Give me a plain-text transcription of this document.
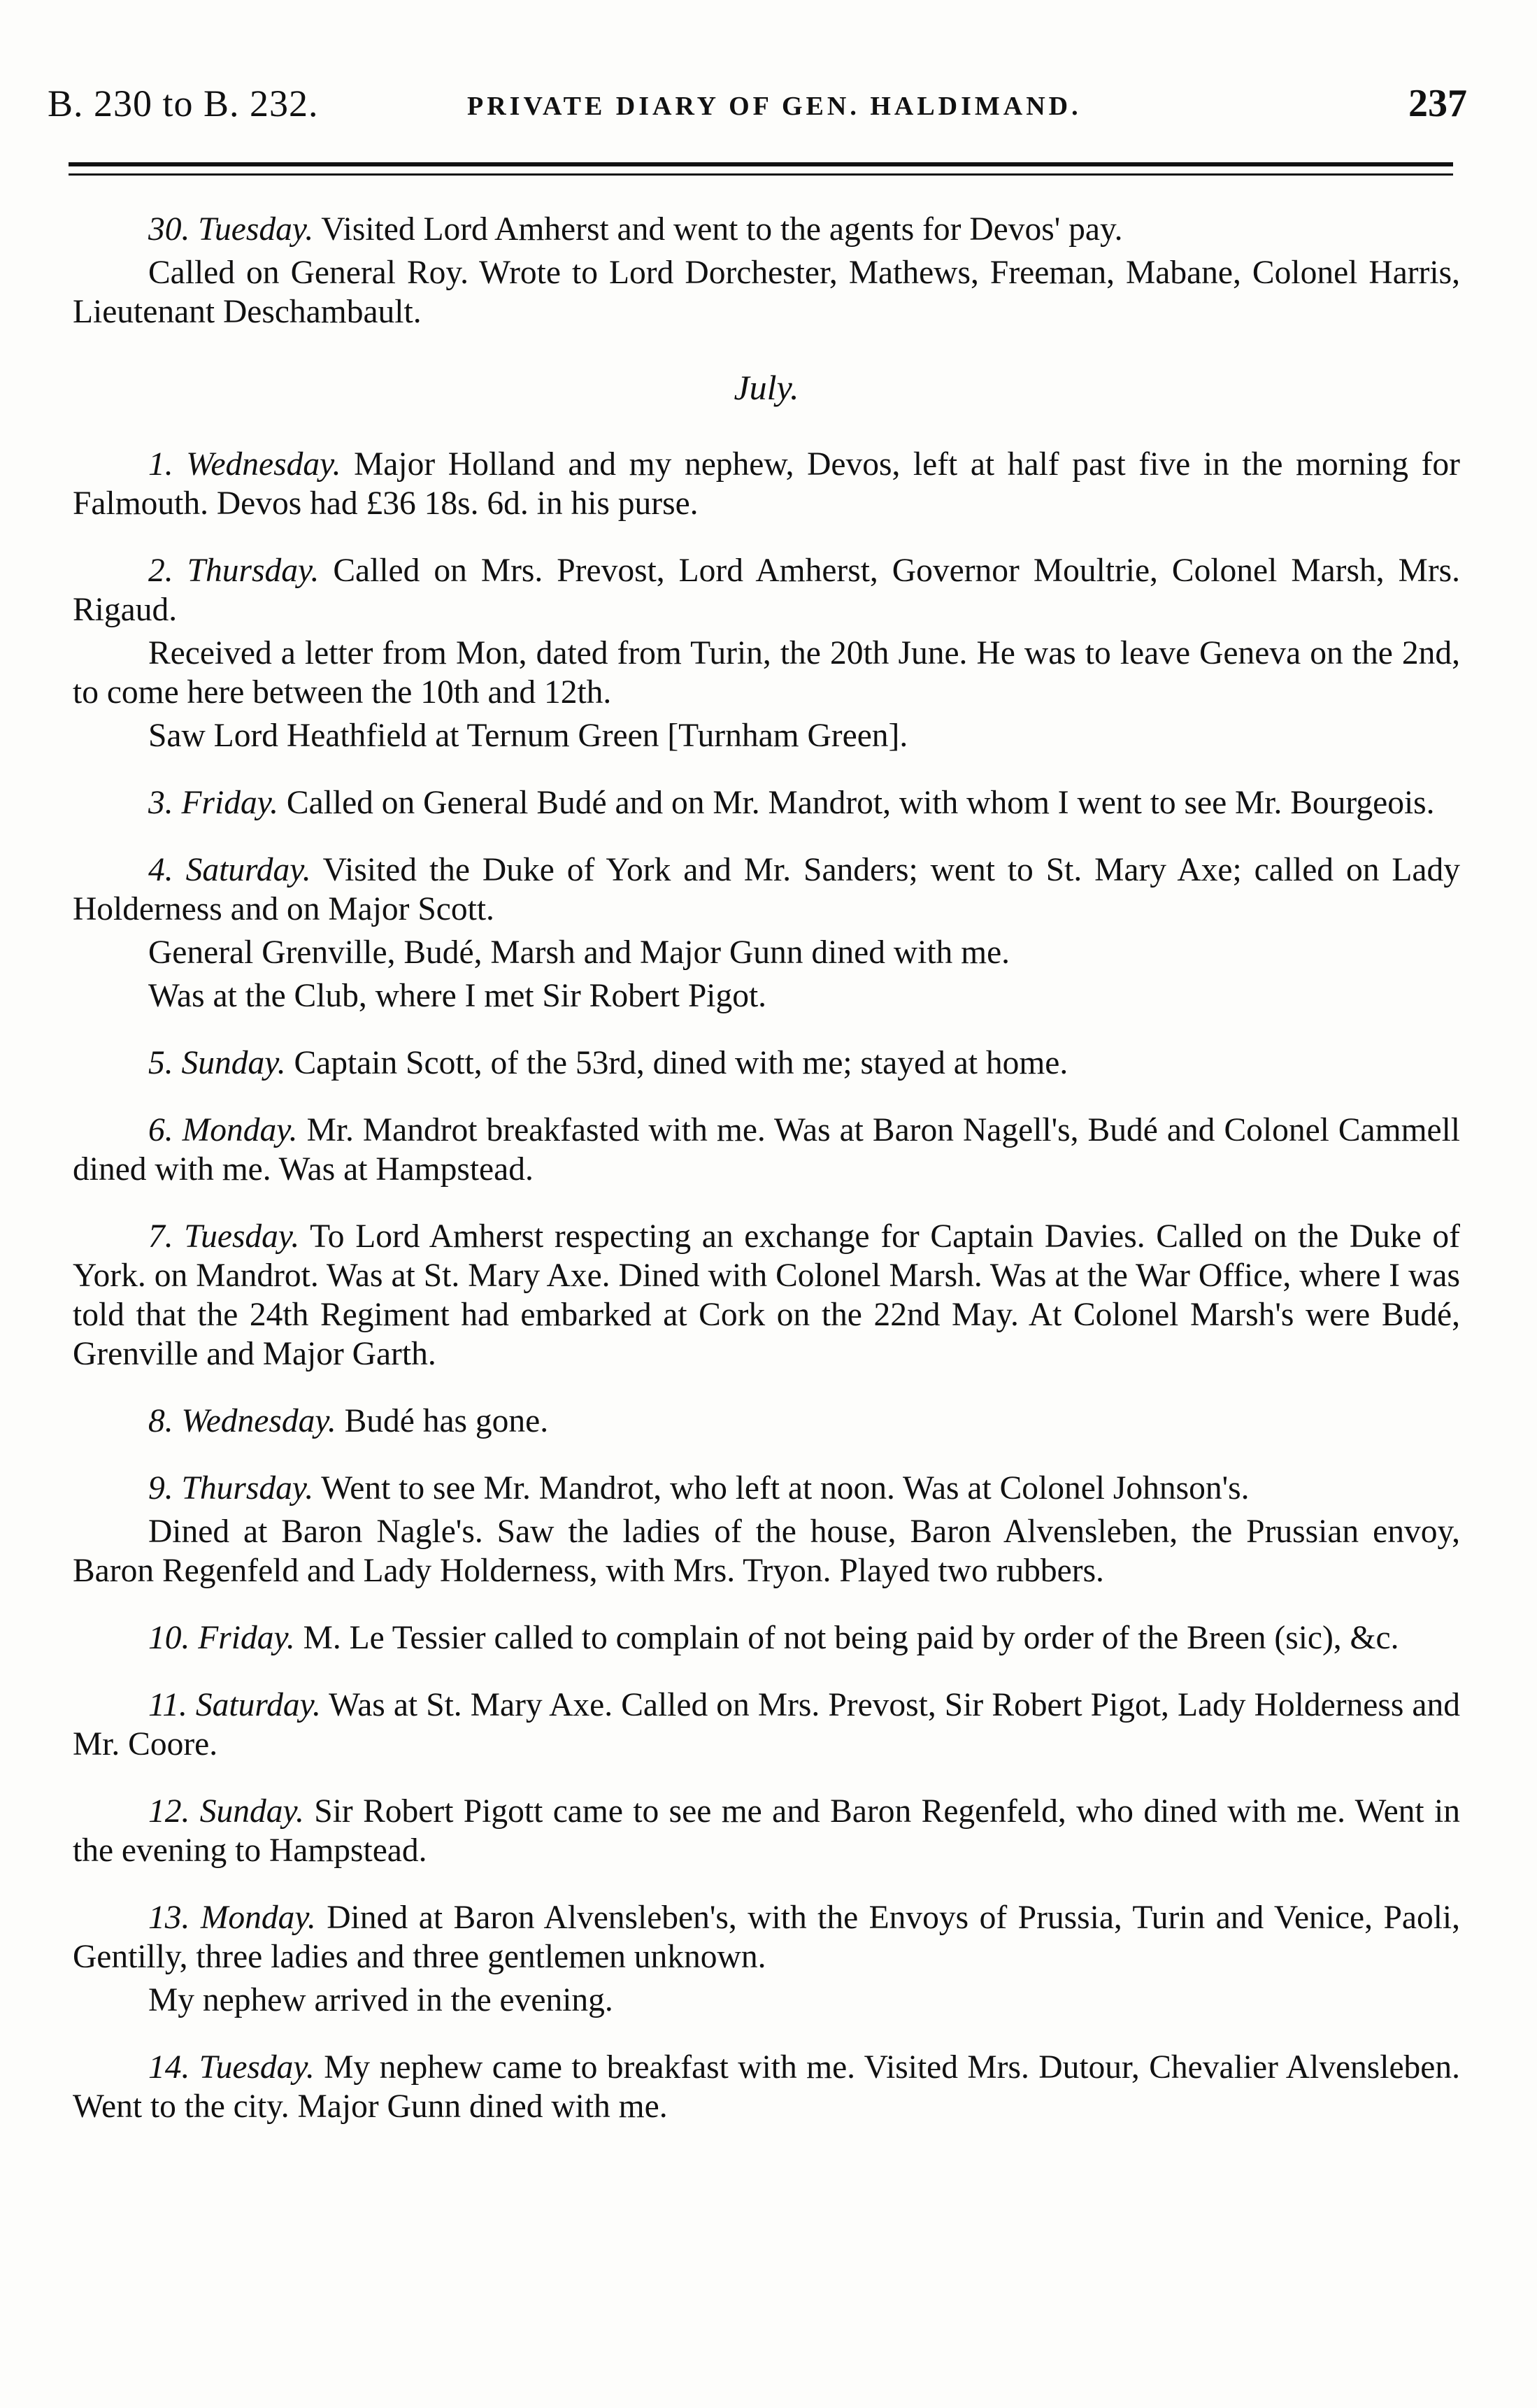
B. 230 to B. 232.	PRIVATE DIARY OF GEN. HALDIMAND.	237

30. Tuesday. Visited Lord Amherst and went to the agents for Devos' pay.

Called on General Roy. Wrote to Lord Dorchester, Mathews, Freeman, Mabane, Colonel Harris, Lieutenant Deschambault.

July.

1. Wednesday. Major Holland and my nephew, Devos, left at half past five in the morning for Falmouth. Devos had £36 18s. 6d. in his purse.

2. Thursday. Called on Mrs. Prevost, Lord Amherst, Governor Moultrie, Colonel Marsh, Mrs. Rigaud.

Received a letter from Mon, dated from Turin, the 20th June. He was to leave Geneva on the 2nd, to come here between the 10th and 12th.

Saw Lord Heathfield at Ternum Green [Turnham Green].

3. Friday. Called on General Budé and on Mr. Mandrot, with whom I went to see Mr. Bourgeois.

4. Saturday. Visited the Duke of York and Mr. Sanders; went to St. Mary Axe; called on Lady Holderness and on Major Scott.

General Grenville, Budé, Marsh and Major Gunn dined with me.

Was at the Club, where I met Sir Robert Pigot.

5. Sunday. Captain Scott, of the 53rd, dined with me; stayed at home.

6. Monday. Mr. Mandrot breakfasted with me. Was at Baron Nagell's, Budé and Colonel Cammell dined with me. Was at Hampstead.

7. Tuesday. To Lord Amherst respecting an exchange for Captain Davies. Called on the Duke of York. on Mandrot. Was at St. Mary Axe. Dined with Colonel Marsh. Was at the War Office, where I was told that the 24th Regiment had embarked at Cork on the 22nd May. At Colonel Marsh's were Budé, Grenville and Major Garth.

8. Wednesday. Budé has gone.

9. Thursday. Went to see Mr. Mandrot, who left at noon. Was at Colonel Johnson's.

Dined at Baron Nagle's. Saw the ladies of the house, Baron Alvensleben, the Prussian envoy, Baron Regenfeld and Lady Holderness, with Mrs. Tryon. Played two rubbers.

10. Friday. M. Le Tessier called to complain of not being paid by order of the Breen (sic), &c.

11. Saturday. Was at St. Mary Axe. Called on Mrs. Prevost, Sir Robert Pigot, Lady Holderness and Mr. Coore.

12. Sunday. Sir Robert Pigott came to see me and Baron Regenfeld, who dined with me. Went in the evening to Hampstead.

13. Monday. Dined at Baron Alvensleben's, with the Envoys of Prussia, Turin and Venice, Paoli, Gentilly, three ladies and three gentlemen unknown.

My nephew arrived in the evening.

14. Tuesday. My nephew came to breakfast with me. Visited Mrs. Dutour, Chevalier Alvensleben. Went to the city. Major Gunn dined with me.
